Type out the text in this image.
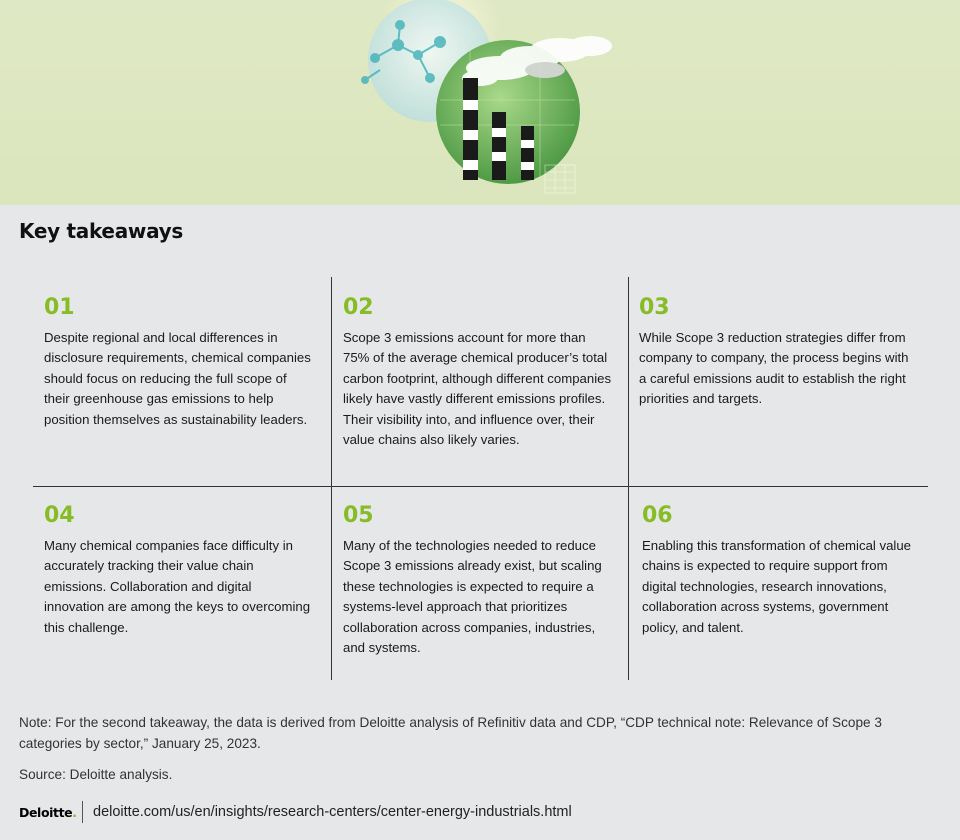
Key takeaways
01
Despite regional and local differences in disclosure requirements, chemical companies should focus on reducing the full scope of their greenhouse gas emissions to help position themselves as sustainability leaders.
02
Scope 3 emissions account for more than 75% of the average chemical producer’s total carbon footprint, although different companies likely have vastly different emissions profiles. Their visibility into, and influence over, their value chains also likely varies.
03
While Scope 3 reduction strategies differ from company to company, the process begins with a careful emissions audit to establish the right priorities and targets.
04
Many chemical companies face difficulty in accurately tracking their value chain emissions. Collaboration and digital innovation are among the keys to overcoming this challenge.
05
Many of the technologies needed to reduce Scope 3 emissions already exist, but scaling these technologies is expected to require a systems-level approach that prioritizes collaboration across companies, industries, and systems.
06
Enabling this transformation of chemical value chains is expected to require support from digital technologies, research innovations, collaboration across systems, government policy, and talent.
Note: For the second takeaway, the data is derived from Deloitte analysis of Refinitiv data and CDP, “CDP technical note: Relevance of Scope 3 categories by sector,” January 25, 2023.
Source: Deloitte analysis.
Deloitte. deloitte.com/us/en/insights/research-centers/center-energy-industrials.html
